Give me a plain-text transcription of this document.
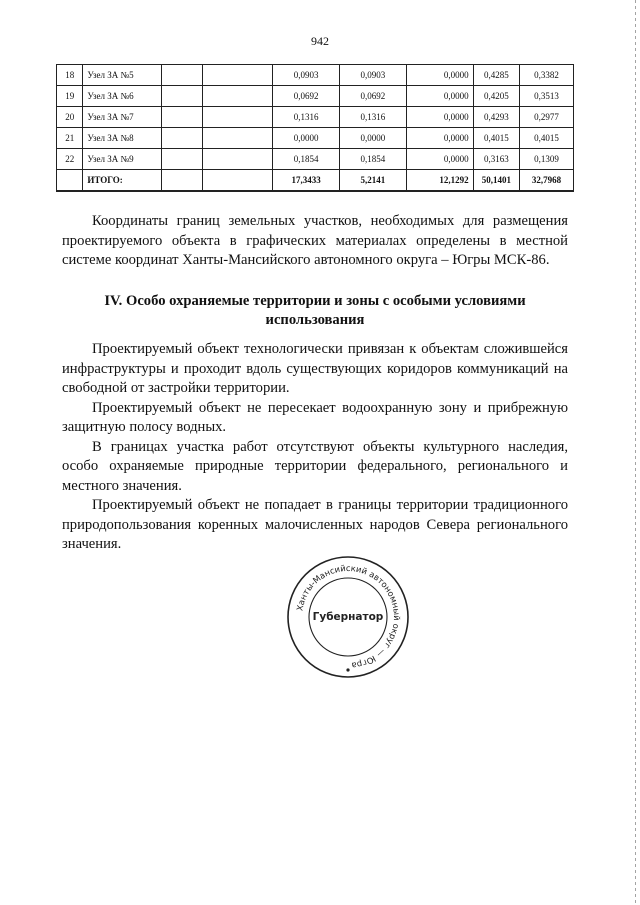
942
18	Узел ЗА №5			0,0903	0,0903	0,0000	0,4285	0,3382
19	Узел ЗА №6			0,0692	0,0692	0,0000	0,4205	0,3513
20	Узел ЗА №7			0,1316	0,1316	0,0000	0,4293	0,2977
21	Узел ЗА №8			0,0000	0,0000	0,0000	0,4015	0,4015
22	Узел ЗА №9			0,1854	0,1854	0,0000	0,3163	0,1309
	ИТОГО:			17,3433	5,2141	12,1292	50,1401	32,7968

Координаты границ земельных участков, необходимых для размещения проектируемого объекта в графических материалах определены в местной системе координат Ханты-Мансийского автономного округа – Югры МСК-86.

IV. Особо охраняемые территории и зоны с особыми условиями использования

Проектируемый объект технологически привязан к объектам сложившейся инфраструктуры и проходит вдоль существующих коридоров коммуникаций на свободной от застройки территории.

Проектируемый объект не пересекает водоохранную зону и прибрежную защитную полосу водных.

В границах участка работ отсутствуют объекты культурного наследия, особо охраняемые природные территории федерального, регионального и местного значения.

Проектируемый объект не попадает в границы территории традиционного природопользования коренных малочисленных народов Севера регионального значения.

Ханты-Мансийский автономный округ — Югра
Губернатор
